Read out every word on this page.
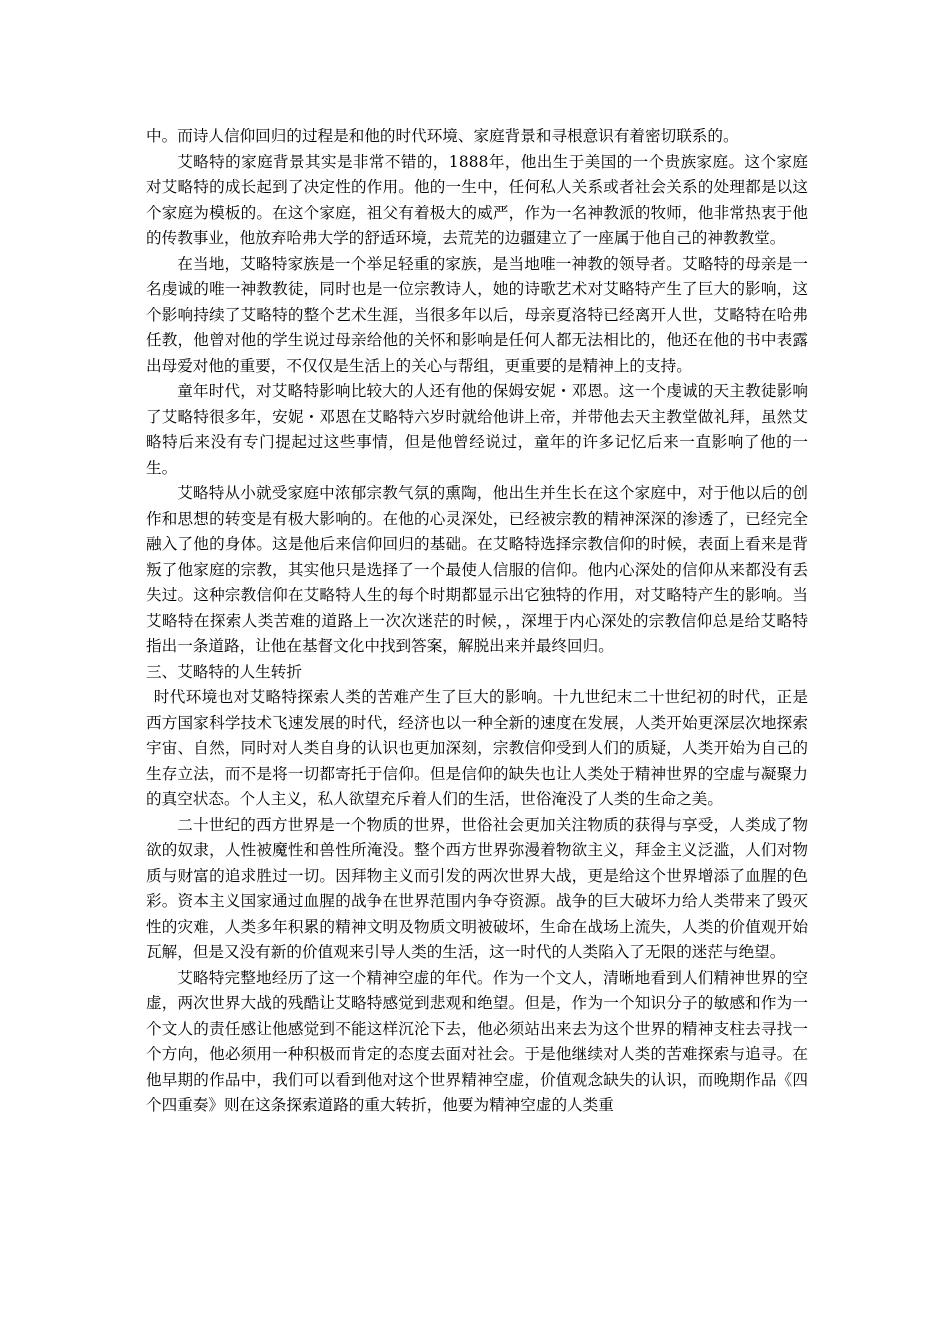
中。而诗人信仰回归的过程是和他的时代环境、家庭背景和寻根意识有着密切联系的。

艾略特的家庭背景其实是非常不错的，1888年，他出生于美国的一个贵族家庭。这个家庭对艾略特的成长起到了决定性的作用。他的一生中，任何私人关系或者社会关系的处理都是以这个家庭为模板的。在这个家庭，祖父有着极大的威严，作为一名神教派的牧师，他非常热衷于他的传教事业，他放弃哈弗大学的舒适环境，去荒芜的边疆建立了一座属于他自己的神教教堂。

在当地，艾略特家族是一个举足轻重的家族，是当地唯一神教的领导者。艾略特的母亲是一名虔诚的唯一神教教徒，同时也是一位宗教诗人，她的诗歌艺术对艾略特产生了巨大的影响，这个影响持续了艾略特的整个艺术生涯，当很多年以后，母亲夏洛特已经离开人世，艾略特在哈弗任教，他曾对他的学生说过母亲给他的关怀和影响是任何人都无法相比的，他还在他的书中表露出母爱对他的重要，不仅仅是生活上的关心与帮组，更重要的是精神上的支持。

童年时代，对艾略特影响比较大的人还有他的保姆安妮・邓恩。这一个虔诚的天主教徒影响了艾略特很多年，安妮・邓恩在艾略特六岁时就给他讲上帝，并带他去天主教堂做礼拜，虽然艾略特后来没有专门提起过这些事情，但是他曾经说过，童年的许多记忆后来一直影响了他的一生。

艾略特从小就受家庭中浓郁宗教气氛的熏陶，他出生并生长在这个家庭中，对于他以后的创作和思想的转变是有极大影响的。在他的心灵深处，已经被宗教的精神深深的渗透了，已经完全融入了他的身体。这是他后来信仰回归的基础。在艾略特选择宗教信仰的时候，表面上看来是背叛了他家庭的宗教，其实他只是选择了一个最使人信服的信仰。他内心深处的信仰从来都没有丢失过。这种宗教信仰在艾略特人生的每个时期都显示出它独特的作用，对艾略特产生的影响。当艾略特在探索人类苦难的道路上一次次迷茫的时候，，深埋于内心深处的宗教信仰总是给艾略特指出一条道路，让他在基督文化中找到答案，解脱出来并最终回归。

三、艾略特的人生转折

时代环境也对艾略特探索人类的苦难产生了巨大的影响。十九世纪末二十世纪初的时代，正是西方国家科学技术飞速发展的时代，经济也以一种全新的速度在发展，人类开始更深层次地探索宇宙、自然，同时对人类自身的认识也更加深刻，宗教信仰受到人们的质疑，人类开始为自己的生存立法，而不是将一切都寄托于信仰。但是信仰的缺失也让人类处于精神世界的空虚与凝聚力的真空状态。个人主义，私人欲望充斥着人们的生活，世俗淹没了人类的生命之美。

二十世纪的西方世界是一个物质的世界，世俗社会更加关注物质的获得与享受，人类成了物欲的奴隶，人性被魔性和兽性所淹没。整个西方世界弥漫着物欲主义，拜金主义泛滥，人们对物质与财富的追求胜过一切。因拜物主义而引发的两次世界大战，更是给这个世界增添了血腥的色彩。资本主义国家通过血腥的战争在世界范围内争夺资源。战争的巨大破坏力给人类带来了毁灭性的灾难，人类多年积累的精神文明及物质文明被破坏，生命在战场上流失，人类的价值观开始瓦解，但是又没有新的价值观来引导人类的生活，这一时代的人类陷入了无限的迷茫与绝望。

艾略特完整地经历了这一个精神空虚的年代。作为一个文人，清晰地看到人们精神世界的空虚，两次世界大战的残酷让艾略特感觉到悲观和绝望。但是，作为一个知识分子的敏感和作为一个文人的责任感让他感觉到不能这样沉沦下去，他必须站出来去为这个世界的精神支柱去寻找一个方向，他必须用一种积极而肯定的态度去面对社会。于是他继续对人类的苦难探索与追寻。在他早期的作品中，我们可以看到他对这个世界精神空虚，价值观念缺失的认识，而晚期作品《四个四重奏》则在这条探索道路的重大转折，他要为精神空虚的人类重
